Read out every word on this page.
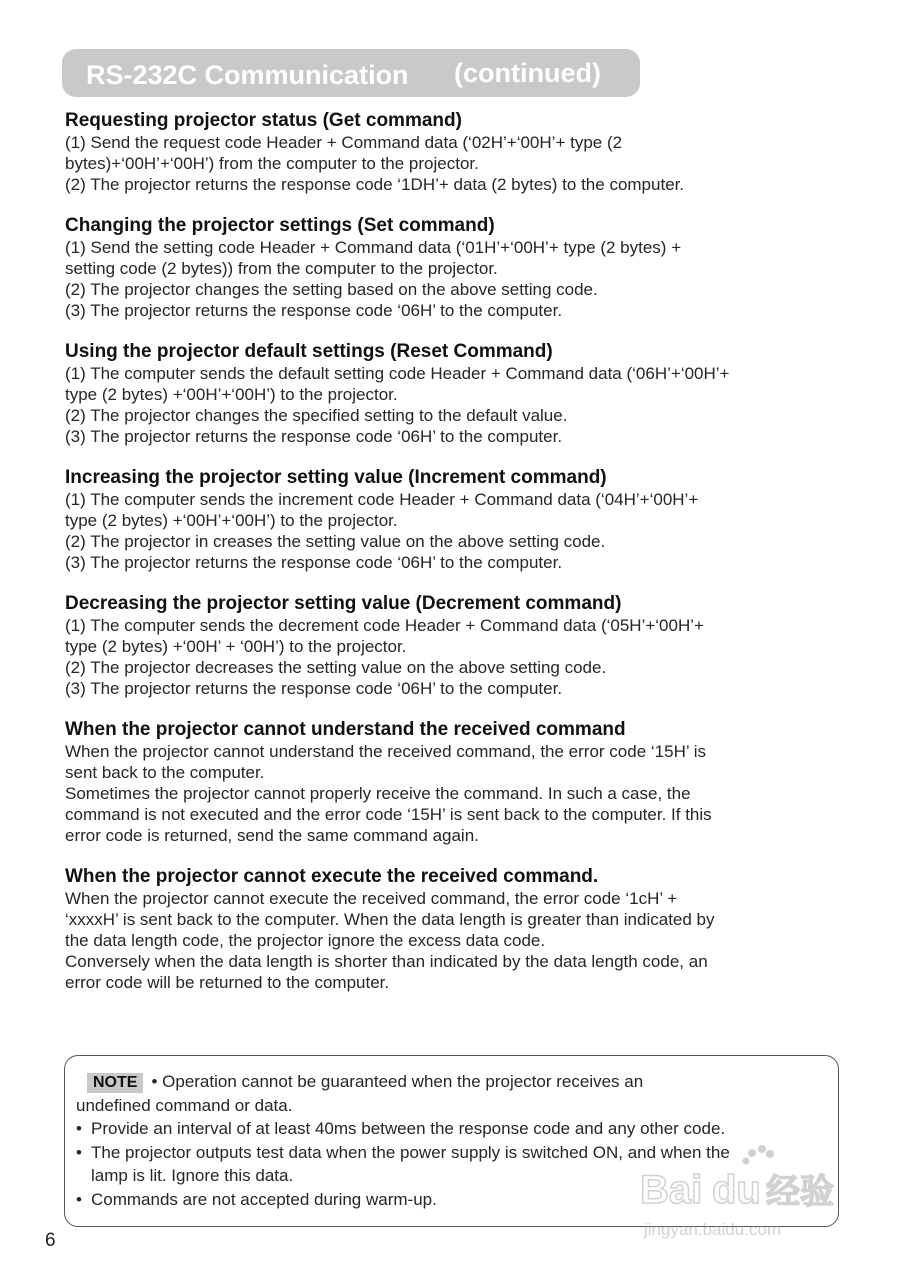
RS-232C Communication (continued)
Requesting projector status (Get command)

(1) Send the request code Header + Command data (‘02H’+‘00H’+ type (2

bytes)+‘00H’+‘00H’) from the computer to the projector.

(2) The projector returns the response code ‘1DH’+ data (2 bytes) to the computer.

Changing the projector settings (Set command)

(1) Send the setting code Header + Command data (‘01H’+‘00H’+ type (2 bytes) +

setting code (2 bytes)) from the computer to the projector.

(2) The projector changes the setting based on the above setting code.

(3) The projector returns the response code ‘06H’ to the computer.

Using the projector default settings (Reset Command)

(1) The computer sends the default setting code Header + Command data (‘06H’+‘00H’+

type (2 bytes) +‘00H’+‘00H’) to the projector.

(2) The projector changes the specified setting to the default value.

(3) The projector returns the response code ‘06H’ to the computer.

Increasing the projector setting value (Increment command)

(1) The computer sends the increment code Header + Command data (‘04H’+‘00H’+

type (2 bytes) +‘00H’+‘00H’) to the projector.

(2) The projector in creases the setting value on the above setting code.

(3) The projector returns the response code ‘06H’ to the computer.

Decreasing the projector setting value (Decrement command)

(1) The computer sends the decrement code Header + Command data (‘05H’+‘00H’+

type (2 bytes) +‘00H’ + ‘00H’) to the projector.

(2) The projector decreases the setting value on the above setting code.

(3) The projector returns the response code ‘06H’ to the computer.

When the projector cannot understand the received command

When the projector cannot understand the received command, the error code ‘15H’ is

sent back to the computer.

Sometimes the projector cannot properly receive the command. In such a case, the

command is not executed and the error code ‘15H’ is sent back to the computer. If this

error code is returned, send the same command again.

When the projector cannot execute the received command.

When the projector cannot execute the received command, the error code ‘1cH’ +

‘xxxxH’ is sent back to the computer. When the data length is greater than indicated by

the data length code, the projector ignore the excess data code.

Conversely when the data length is shorter than indicated by the data length code, an

error code will be returned to the computer.

NOTE • Operation cannot be guaranteed when the projector receives an

undefined command or data.

• Provide an interval of at least 40ms between the response code and any other code.
• The projector outputs test data when the power supply is switched ON, and when the
lamp is lit. Ignore this data.
• Commands are not accepted during warm-up.
6
Bai du 经验
jingyan.baidu.com
